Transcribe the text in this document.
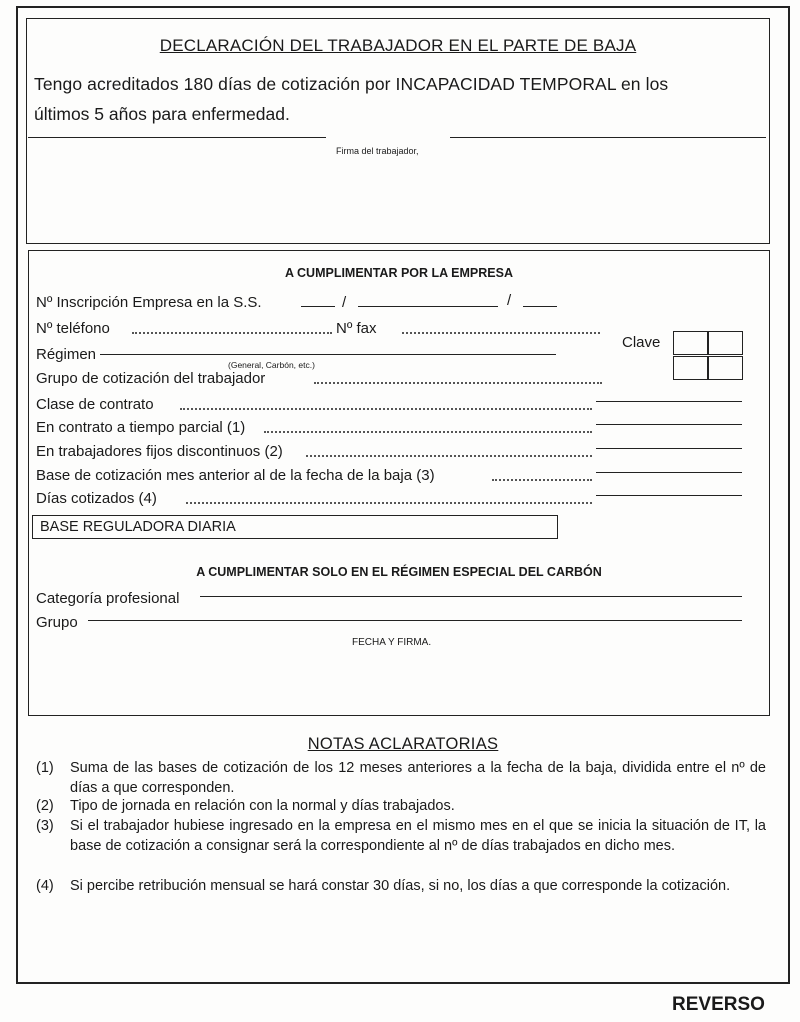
DECLARACIÓN DEL TRABAJADOR EN EL PARTE DE BAJA
Tengo acreditados 180 días de cotización por INCAPACIDAD TEMPORAL en los
últimos 5 años para enfermedad.
Firma del trabajador,
A CUMPLIMENTAR POR LA EMPRESA
Nº Inscripción Empresa en la S.S.	/	/
Nº teléfono	Nº fax
Régimen
(General, Carbón, etc.)
Clave
Grupo de cotización del trabajador
Clase de contrato
En contrato a tiempo parcial (1)
En trabajadores fijos discontinuos (2)
Base de cotización mes anterior al de la fecha de la baja (3)
Días cotizados (4)
BASE REGULADORA DIARIA
A CUMPLIMENTAR SOLO EN EL RÉGIMEN ESPECIAL DEL CARBÓN
Categoría profesional
Grupo
FECHA Y FIRMA.
NOTAS ACLARATORIAS
(1) Suma de las bases de cotización de los 12 meses anteriores a la fecha de la baja, dividida entre el nº de días a que corresponden.
(2) Tipo de jornada en relación con la normal y días trabajados.
(3) Si el trabajador hubiese ingresado en la empresa en el mismo mes en el que se inicia la situación de IT, la base de cotización a consignar será la correspondiente al nº de días trabajados en dicho mes.
(4) Si percibe retribución mensual se hará constar 30 días, si no, los días a que corresponde la cotización.
REVERSO
